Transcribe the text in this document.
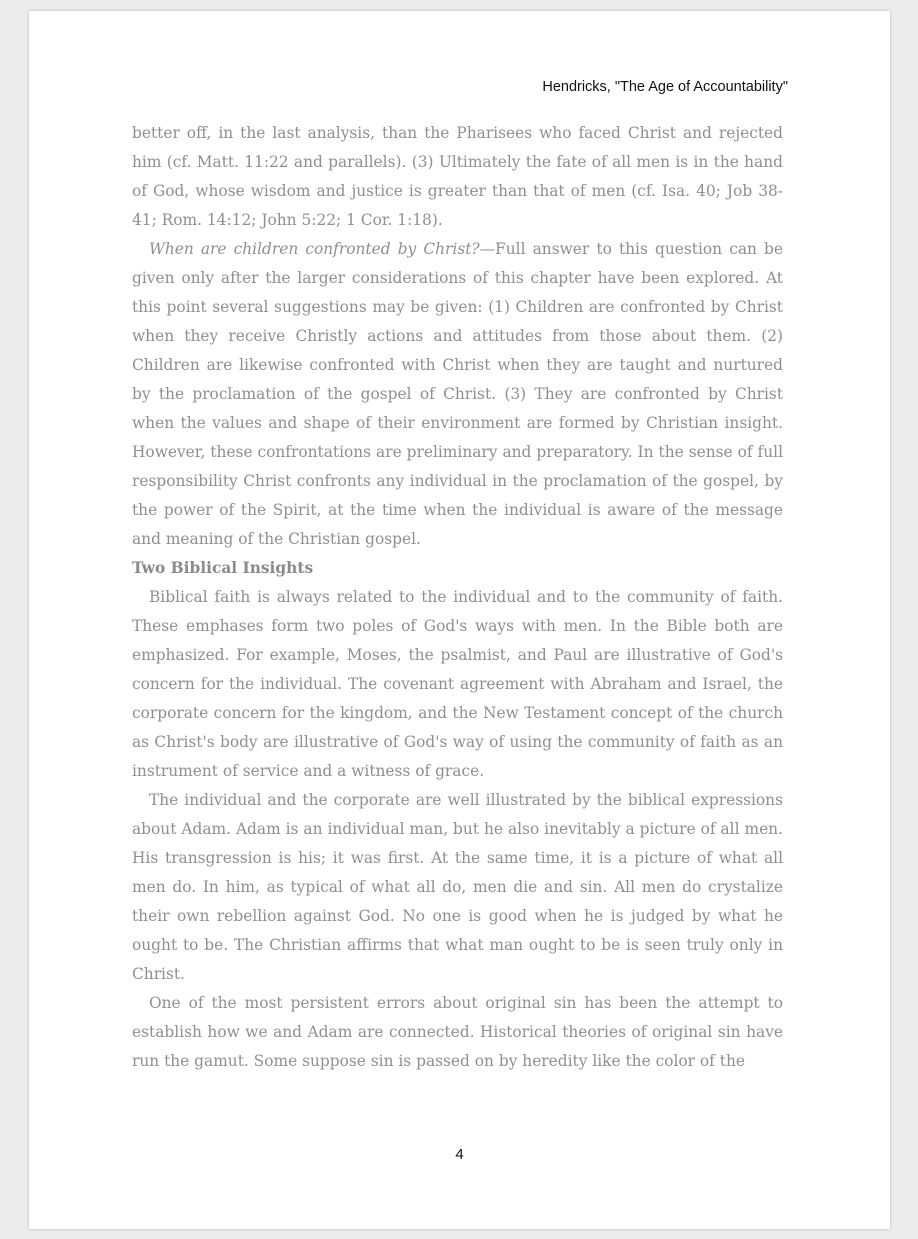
Hendricks, "The Age of Accountability"

better off, in the last analysis, than the Pharisees who faced Christ and rejected him (cf. Matt. 11:22 and parallels). (3) Ultimately the fate of all men is in the hand of God, whose wisdom and justice is greater than that of men (cf. Isa. 40; Job 38-41; Rom. 14:12; John 5:22; 1 Cor. 1:18).

When are children confronted by Christ?—Full answer to this question can be given only after the larger considerations of this chapter have been explored. At this point several suggestions may be given: (1) Children are confronted by Christ when they receive Christly actions and attitudes from those about them. (2) Children are likewise confronted with Christ when they are taught and nurtured by the proclamation of the gospel of Christ. (3) They are confronted by Christ when the values and shape of their environment are formed by Christian insight. However, these confrontations are preliminary and preparatory. In the sense of full responsibility Christ confronts any individual in the proclamation of the gospel, by the power of the Spirit, at the time when the individual is aware of the message and meaning of the Christian gospel.

Two Biblical Insights

Biblical faith is always related to the individual and to the community of faith. These emphases form two poles of God's ways with men. In the Bible both are emphasized. For example, Moses, the psalmist, and Paul are illustrative of God's concern for the individual. The covenant agreement with Abraham and Israel, the corporate concern for the kingdom, and the New Testament concept of the church as Christ's body are illustrative of God's way of using the community of faith as an instrument of service and a witness of grace.

The individual and the corporate are well illustrated by the biblical expressions about Adam. Adam is an individual man, but he also inevitably a picture of all men. His transgression is his; it was first. At the same time, it is a picture of what all men do. In him, as typical of what all do, men die and sin. All men do crystalize their own rebellion against God. No one is good when he is judged by what he ought to be. The Christian affirms that what man ought to be is seen truly only in Christ.

One of the most persistent errors about original sin has been the attempt to establish how we and Adam are connected. Historical theories of original sin have run the gamut. Some suppose sin is passed on by heredity like the color of the

4
